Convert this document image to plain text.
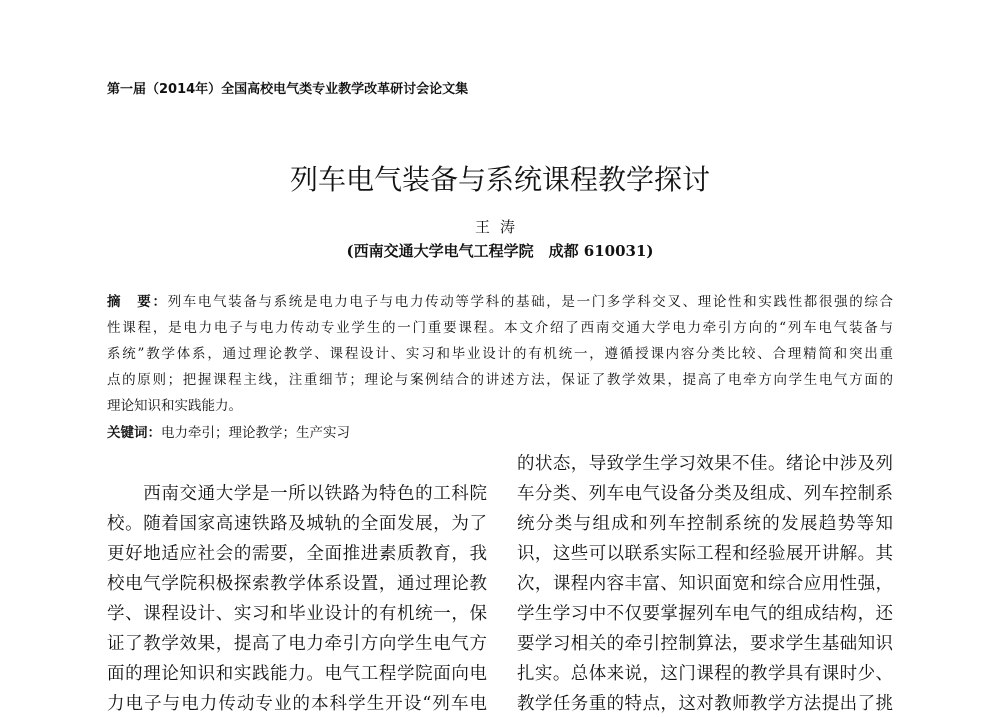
第一届（2014年）全国高校电气类专业教学改革研讨会论文集
列车电气装备与系统课程教学探讨
王涛
(西南交通大学电气工程学院　成都 610031)
摘　要：列车电气装备与系统是电力电子与电力传动等学科的基础，是一门多学科交叉、理论性和实践性都很强的综合
性课程，是电力电子与电力传动专业学生的一门重要课程。本文介绍了西南交通大学电力牵引方向的“列车电气装备与
系统”教学体系，通过理论教学、课程设计、实习和毕业设计的有机统一，遵循授课内容分类比较、合理精简和突出重
点的原则；把握课程主线，注重细节；理论与案例结合的讲述方法，保证了教学效果，提高了电牵方向学生电气方面的
理论知识和实践能力。
关键词：电力牵引；理论教学；生产实习
　　西南交通大学是一所以铁路为特色的工科院
校。随着国家高速铁路及城轨的全面发展，为了
更好地适应社会的需要，全面推进素质教育，我
校电气学院积极探索教学体系设置，通过理论教
学、课程设计、实习和毕业设计的有机统一，保
证了教学效果，提高了电力牵引方向学生电气方
面的理论知识和实践能力。电气工程学院面向电
力电子与电力传动专业的本科学生开设“列车电
的状态，导致学生学习效果不佳。绪论中涉及列
车分类、列车电气设备分类及组成、列车控制系
统分类与组成和列车控制系统的发展趋势等知
识，这些可以联系实际工程和经验展开讲解。其
次，课程内容丰富、知识面宽和综合应用性强，
学生学习中不仅要掌握列车电气的组成结构，还
要学习相关的牵引控制算法，要求学生基础知识
扎实。总体来说，这门课程的教学具有课时少、
教学任务重的特点，这对教师教学方法提出了挑
